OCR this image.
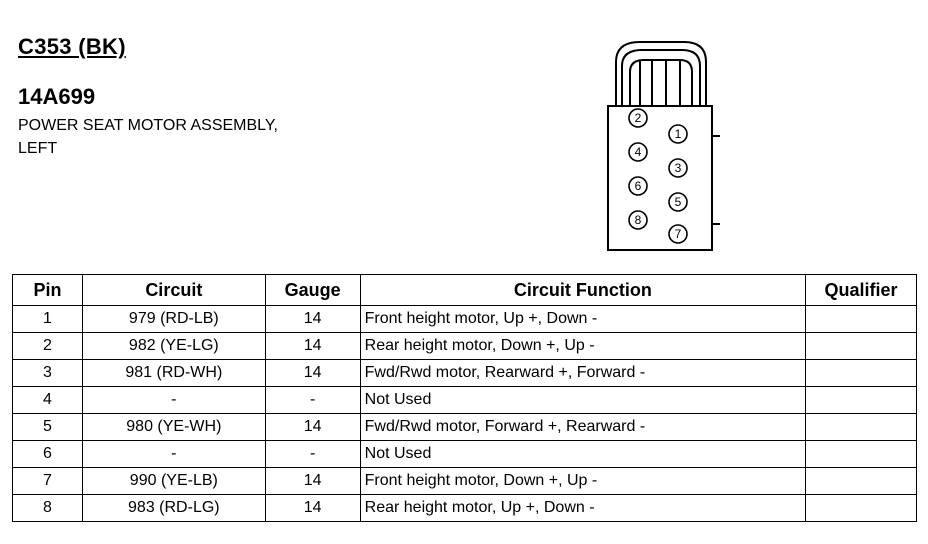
C353 (BK)
14A699
POWER SEAT MOTOR ASSEMBLY,
LEFT
2
1
4
3
6
5
8
7
Pin	Circuit	Gauge	Circuit Function	Qualifier
1	979 (RD-LB)	14	Front height motor, Up +, Down -	
2	982 (YE-LG)	14	Rear height motor, Down +, Up -	
3	981 (RD-WH)	14	Fwd/Rwd motor, Rearward +, Forward -	
4	-	-	Not Used	
5	980 (YE-WH)	14	Fwd/Rwd motor, Forward +, Rearward -	
6	-	-	Not Used	
7	990 (YE-LB)	14	Front height motor, Down +, Up -	
8	983 (RD-LG)	14	Rear height motor, Up +, Down -	
